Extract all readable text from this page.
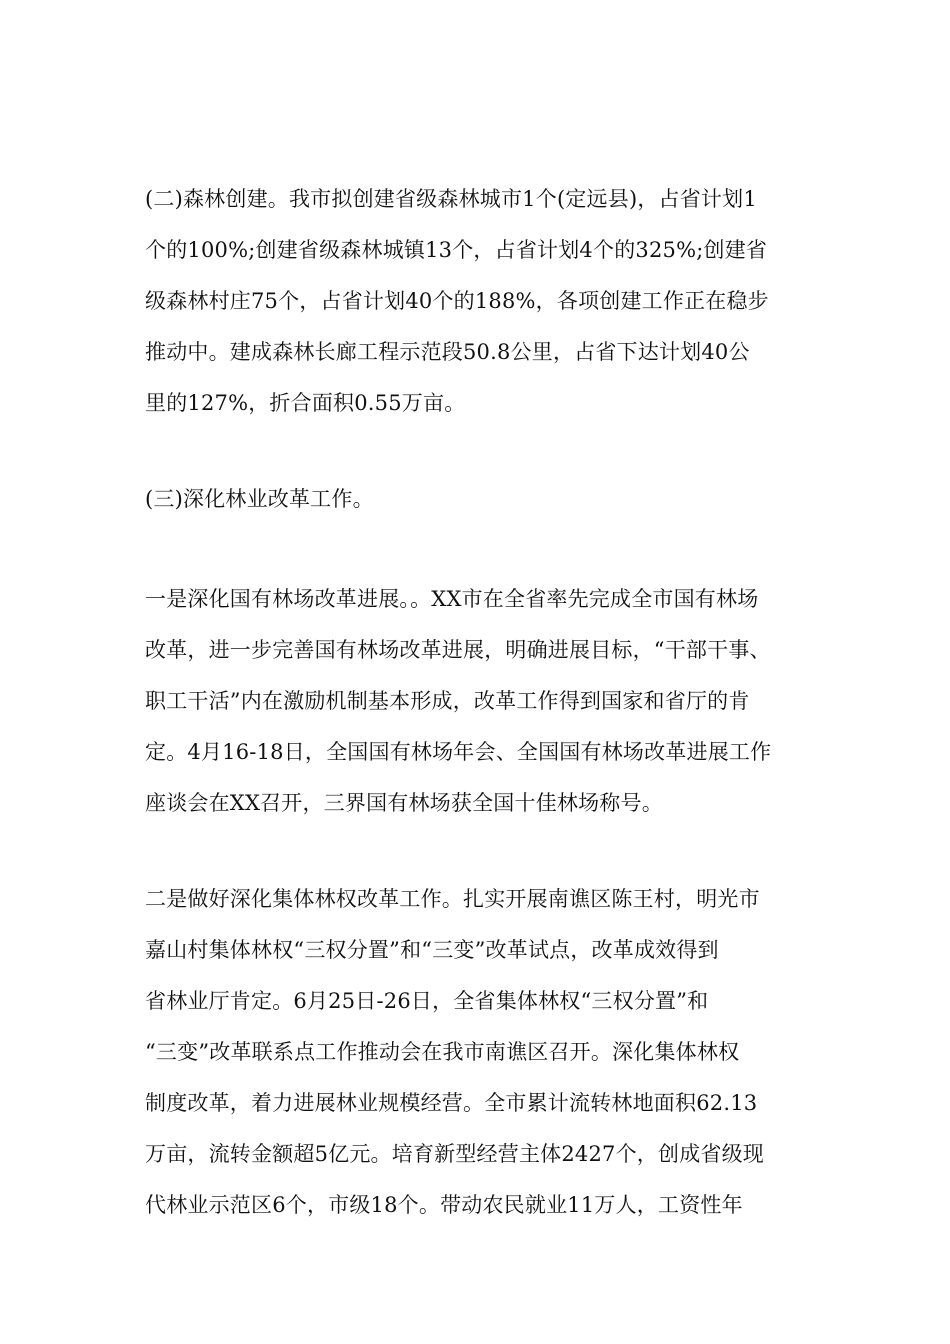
(二)森林创建。我市拟创建省级森林城市1个(定远县)，占省计划1
个的100%;创建省级森林城镇13个，占省计划4个的325%;创建省
级森林村庄75个，占省计划40个的188%，各项创建工作正在稳步
推动中。建成森林长廊工程示范段50.8公里，占省下达计划40公
里的127%，折合面积0.55万亩。
(三)深化林业改革工作。
一是深化国有林场改革进展。。XX市在全省率先完成全市国有林场
改革，进一步完善国有林场改革进展，明确进展目标，“干部干事、
职工干活”内在激励机制基本形成，改革工作得到国家和省厅的肯
定。4月16-18日，全国国有林场年会、全国国有林场改革进展工作
座谈会在XX召开，三界国有林场获全国十佳林场称号。
二是做好深化集体林权改革工作。扎实开展南谯区陈王村，明光市
嘉山村集体林权“三权分置”和“三变”改革试点，改革成效得到
省林业厅肯定。6月25日-26日，全省集体林权“三权分置”和
“三变”改革联系点工作推动会在我市南谯区召开。深化集体林权
制度改革，着力进展林业规模经营。全市累计流转林地面积62.13
万亩，流转金额超5亿元。培育新型经营主体2427个，创成省级现
代林业示范区6个，市级18个。带动农民就业11万人，工资性年
